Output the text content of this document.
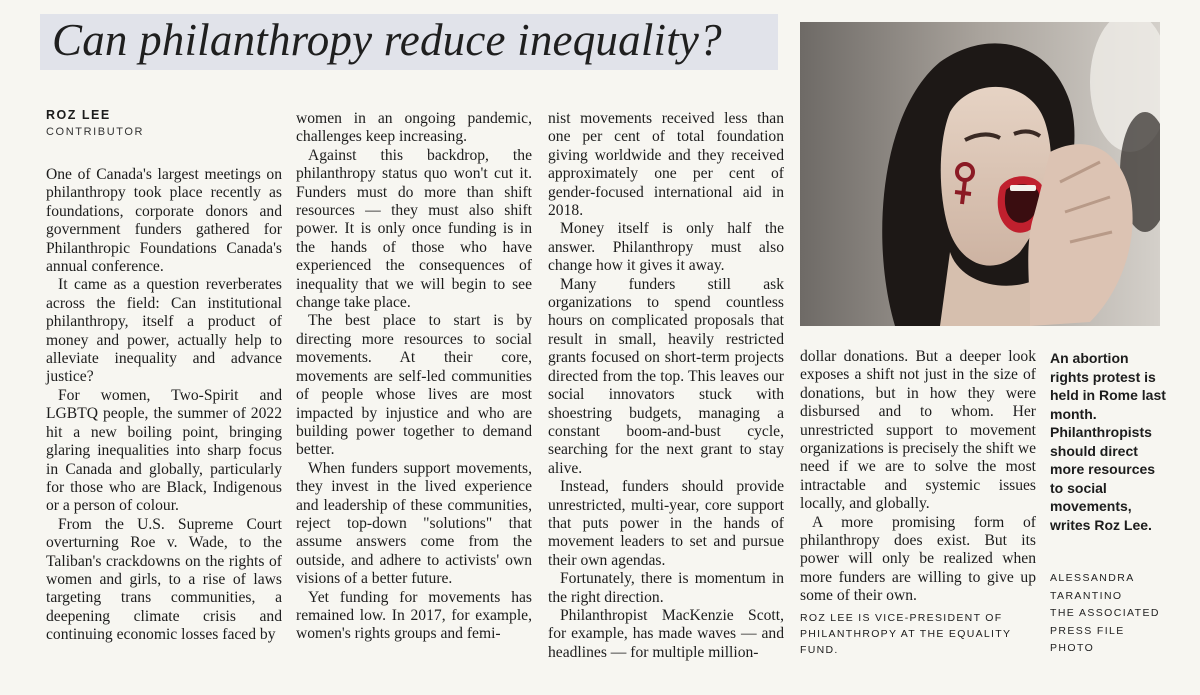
Can philanthropy reduce inequality?
ROZ LEE
CONTRIBUTOR

One of Canada's largest meetings on philanthropy took place recently as foundations, corporate donors and government funders gathered for Philanthropic Foundations Canada's annual conference.

It came as a question reverberates across the field: Can institutional philanthropy, itself a product of money and power, actually help to alleviate inequality and advance justice?

For women, Two-Spirit and LGBTQ people, the summer of 2022 hit a new boiling point, bringing glaring inequalities into sharp focus in Canada and globally, particularly for those who are Black, Indigenous or a person of colour.

From the U.S. Supreme Court overturning Roe v. Wade, to the Taliban's crackdowns on the rights of women and girls, to a rise of laws targeting trans communities, a deepening climate crisis and continuing economic losses faced by

women in an ongoing pandemic, challenges keep increasing.

Against this backdrop, the philanthropy status quo won't cut it. Funders must do more than shift resources — they must also shift power. It is only once funding is in the hands of those who have experienced the consequences of inequality that we will begin to see change take place.

The best place to start is by directing more resources to social movements. At their core, movements are self-led communities of people whose lives are most impacted by injustice and who are building power together to demand better.

When funders support movements, they invest in the lived experience and leadership of these communities, reject top-down "solutions" that assume answers come from the outside, and adhere to activists' own visions of a better future.

Yet funding for movements has remained low. In 2017, for example, women's rights groups and femi-

nist movements received less than one per cent of total foundation giving worldwide and they received approximately one per cent of gender-focused international aid in 2018.

Money itself is only half the answer. Philanthropy must also change how it gives it away.

Many funders still ask organizations to spend countless hours on complicated proposals that result in small, heavily restricted grants focused on short-term projects directed from the top. This leaves our social innovators stuck with shoestring budgets, managing a constant boom-and-bust cycle, searching for the next grant to stay alive.

Instead, funders should provide unrestricted, multi-year, core support that puts power in the hands of movement leaders to set and pursue their own agendas.

Fortunately, there is momentum in the right direction.

Philanthropist MacKenzie Scott, for example, has made waves — and headlines — for multiple million-

dollar donations. But a deeper look exposes a shift not just in the size of donations, but in how they were disbursed and to whom. Her unrestricted support to movement organizations is precisely the shift we need if we are to solve the most intractable and systemic issues locally, and globally.

A more promising form of philanthropy does exist. But its power will only be realized when more funders are willing to give up some of their own.

ROZ LEE IS VICE-PRESIDENT OF PHILANTHROPY AT THE EQUALITY FUND.
An abortion rights protest is held in Rome last month. Philanthropists should direct more resources to social movements, writes Roz Lee.
ALESSANDRA TARANTINO
THE ASSOCIATED PRESS FILE PHOTO
